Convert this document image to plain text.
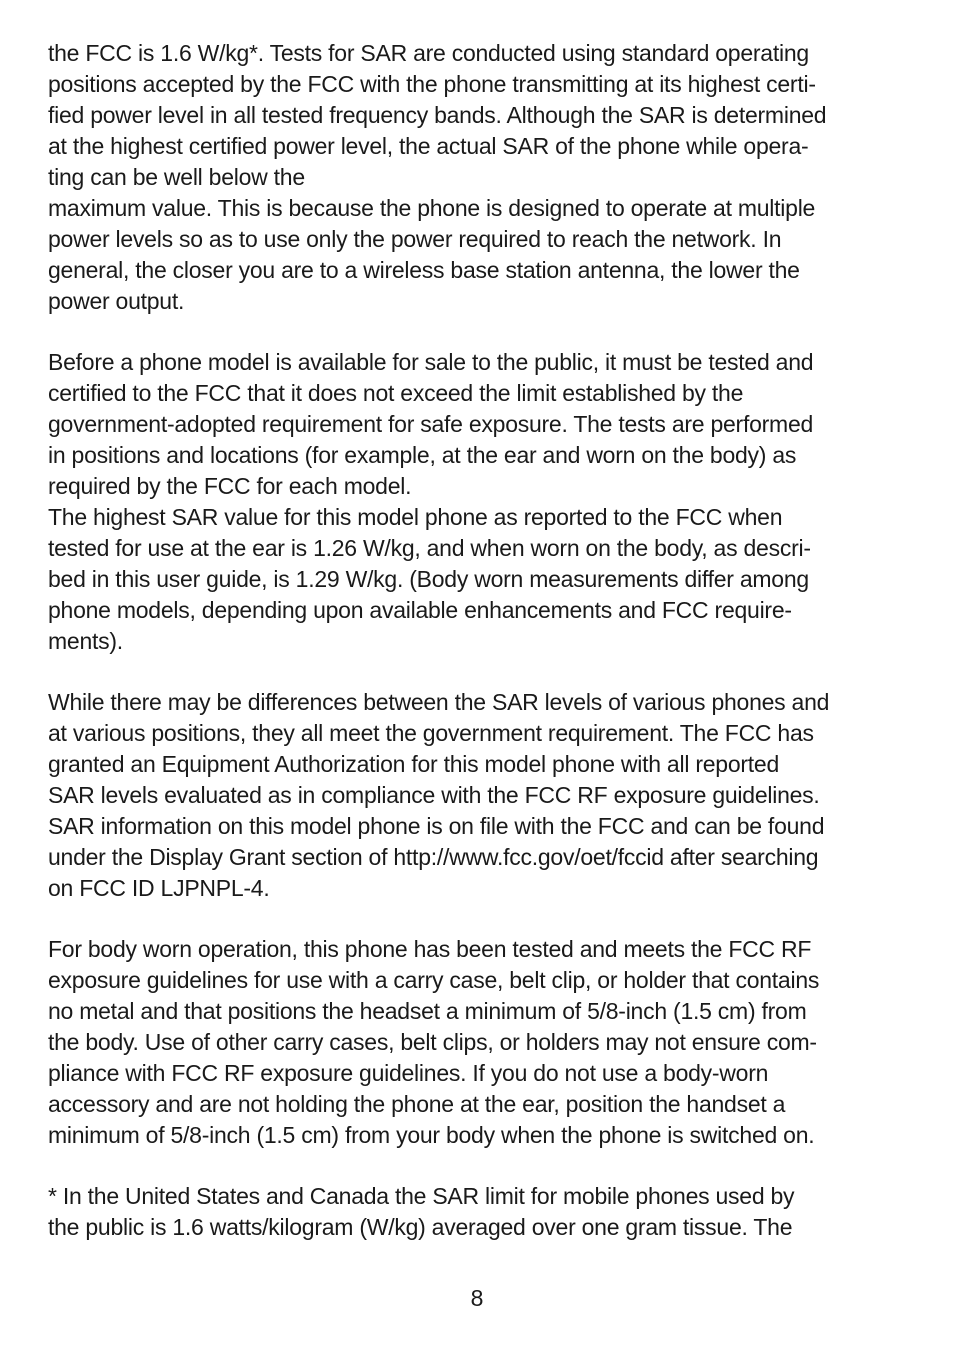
the FCC is 1.6 W/kg*. Tests for SAR are conducted using standard operating
positions accepted by the FCC with the phone transmitting at its highest certi-
fied power level in all tested frequency bands. Although the SAR is determined
at the highest certified power level, the actual SAR of the phone while opera-
ting can be well below the
maximum value. This is because the phone is designed to operate at multiple
power levels so as to use only the power required to reach the network. In
general, the closer you are to a wireless base station antenna, the lower the
power output.
Before a phone model is available for sale to the public, it must be tested and
certified to the FCC that it does not exceed the limit established by the
government-adopted requirement for safe exposure. The tests are performed
in positions and locations (for example, at the ear and worn on the body) as
required by the FCC for each model.
The highest SAR value for this model phone as reported to the FCC when
tested for use at the ear is 1.26 W/kg, and when worn on the body, as descri-
bed in this user guide, is 1.29 W/kg. (Body worn measurements differ among
phone models, depending upon available enhancements and FCC require-
ments).
While there may be differences between the SAR levels of various phones and
at various positions, they all meet the government requirement. The FCC has
granted an Equipment Authorization for this model phone with all reported
SAR levels evaluated as in compliance with the FCC RF exposure guidelines.
SAR information on this model phone is on file with the FCC and can be found
under the Display Grant section of http://www.fcc.gov/oet/fccid after searching
on FCC ID LJPNPL-4.
For body worn operation, this phone has been tested and meets the FCC RF
exposure guidelines for use with a carry case, belt clip, or holder that contains
no metal and that positions the headset a minimum of 5/8-inch (1.5 cm) from
the body. Use of other carry cases, belt clips, or holders may not ensure com-
pliance with FCC RF exposure guidelines. If you do not use a body-worn
accessory and are not holding the phone at the ear, position the handset a
minimum of 5/8-inch (1.5 cm) from your body when the phone is switched on.
* In the United States and Canada the SAR limit for mobile phones used by
the public is 1.6 watts/kilogram (W/kg) averaged over one gram tissue. The
8
